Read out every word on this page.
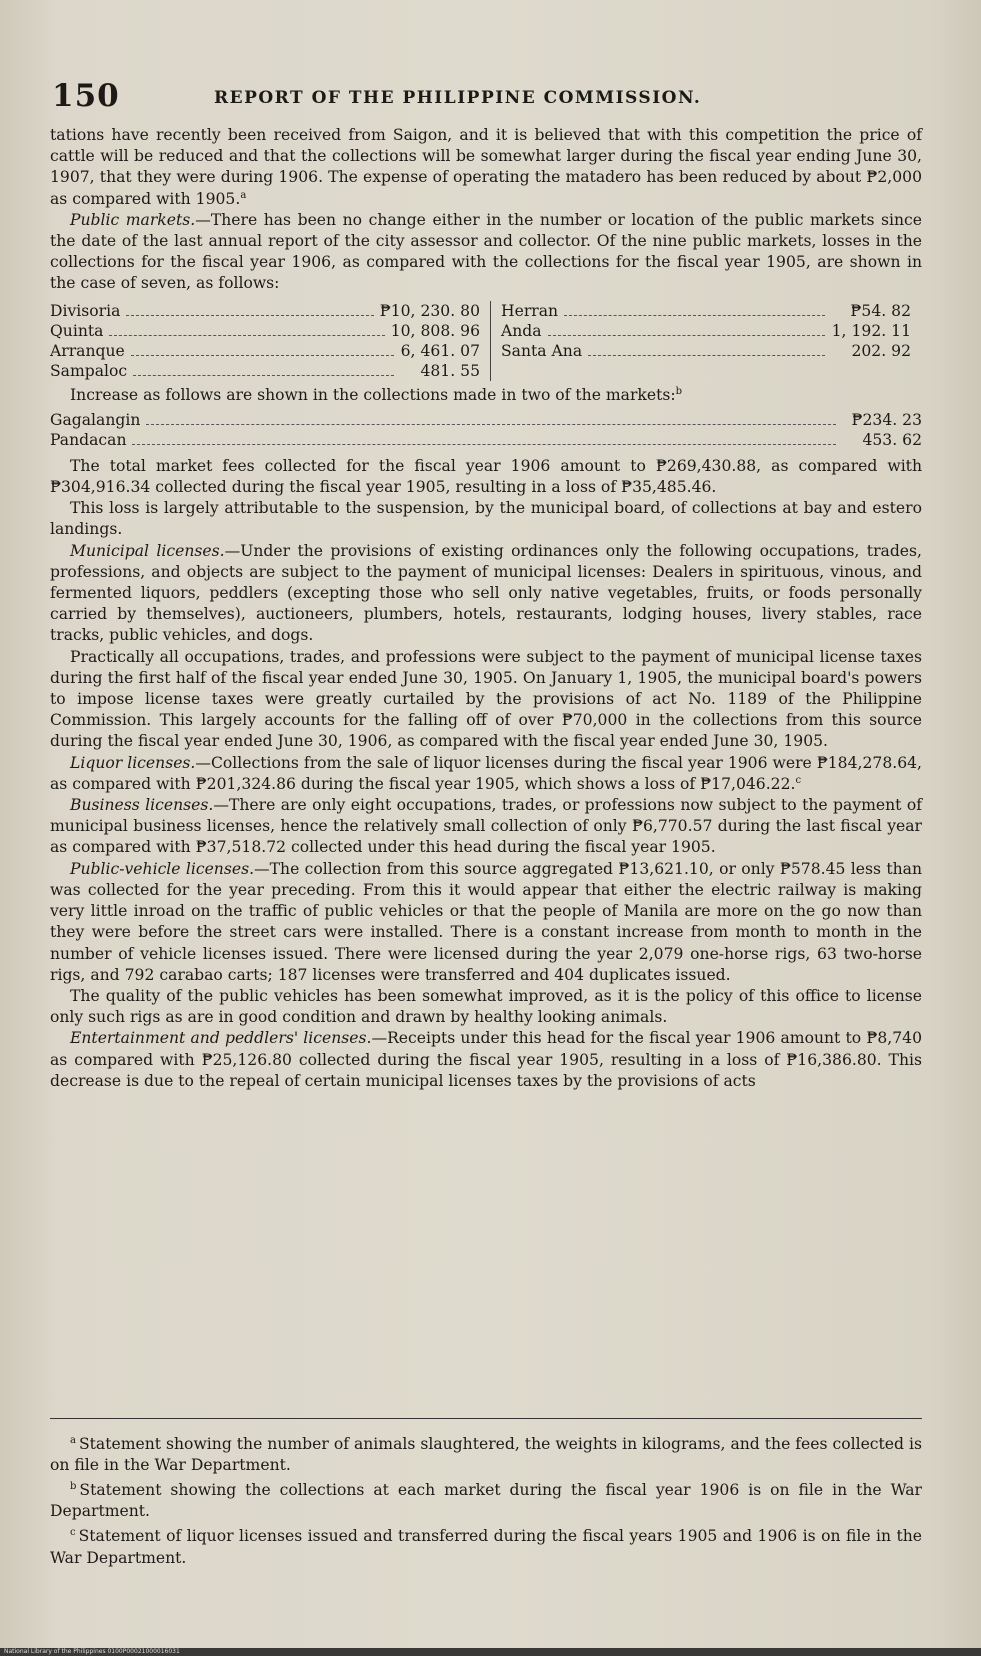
150	REPORT OF THE PHILIPPINE COMMISSION.

tations have recently been received from Saigon, and it is believed that with this competition the price of cattle will be reduced and that the collections will be somewhat larger during the fiscal year ending June 30, 1907, that they were during 1906. The expense of operating the matadero has been reduced by about ₱2,000 as compared with 1905.$^a$

Public markets.—There has been no change either in the number or location of the public markets since the date of the last annual report of the city assessor and collector. Of the nine public markets, losses in the collections for the fiscal year 1906, as compared with the collections for the fiscal year 1905, are shown in the case of seven, as follows:

Divisoria	₱10, 230. 80
Quinta	10, 808. 96
Arranque	6, 461. 07
Sampaloc	481. 55
Herran	₱54. 82
Anda	1, 192. 11
Santa Ana	202. 92

Increase as follows are shown in the collections made in two of the markets:$^b$

Gagalangin	₱234. 23
Pandacan	453. 62

The total market fees collected for the fiscal year 1906 amount to ₱269,430.88, as compared with ₱304,916.34 collected during the fiscal year 1905, resulting in a loss of ₱35,485.46.

This loss is largely attributable to the suspension, by the municipal board, of collections at bay and estero landings.

Municipal licenses.—Under the provisions of existing ordinances only the following occupations, trades, professions, and objects are subject to the payment of municipal licenses: Dealers in spirituous, vinous, and fermented liquors, peddlers (excepting those who sell only native vegetables, fruits, or foods personally carried by themselves), auctioneers, plumbers, hotels, restaurants, lodging houses, livery stables, race tracks, public vehicles, and dogs.

Practically all occupations, trades, and professions were subject to the payment of municipal license taxes during the first half of the fiscal year ended June 30, 1905. On January 1, 1905, the municipal board's powers to impose license taxes were greatly curtailed by the provisions of act No. 1189 of the Philippine Commission. This largely accounts for the falling off of over ₱70,000 in the collections from this source during the fiscal year ended June 30, 1906, as compared with the fiscal year ended June 30, 1905.

Liquor licenses.—Collections from the sale of liquor licenses during the fiscal year 1906 were ₱184,278.64, as compared with ₱201,324.86 during the fiscal year 1905, which shows a loss of ₱17,046.22.$^c$

Business licenses.—There are only eight occupations, trades, or professions now subject to the payment of municipal business licenses, hence the relatively small collection of only ₱6,770.57 during the last fiscal year as compared with ₱37,518.72 collected under this head during the fiscal year 1905.

Public-vehicle licenses.—The collection from this source aggregated ₱13,621.10, or only ₱578.45 less than was collected for the year preceding. From this it would appear that either the electric railway is making very little inroad on the traffic of public vehicles or that the people of Manila are more on the go now than they were before the street cars were installed. There is a constant increase from month to month in the number of vehicle licenses issued. There were licensed during the year 2,079 one-horse rigs, 63 two-horse rigs, and 792 carabao carts; 187 licenses were transferred and 404 duplicates issued.

The quality of the public vehicles has been somewhat improved, as it is the policy of this office to license only such rigs as are in good condition and drawn by healthy looking animals.

Entertainment and peddlers' licenses.—Receipts under this head for the fiscal year 1906 amount to ₱8,740 as compared with ₱25,126.80 collected during the fiscal year 1905, resulting in a loss of ₱16,386.80. This decrease is due to the repeal of certain municipal licenses taxes by the provisions of acts

$^a$ Statement showing the number of animals slaughtered, the weights in kilograms, and the fees collected is on file in the War Department.

$^b$ Statement showing the collections at each market during the fiscal year 1906 is on file in the War Department.

$^c$ Statement of liquor licenses issued and transferred during the fiscal years 1905 and 1906 is on file in the War Department.

National Library of the Philippines 0100P00021000016031
